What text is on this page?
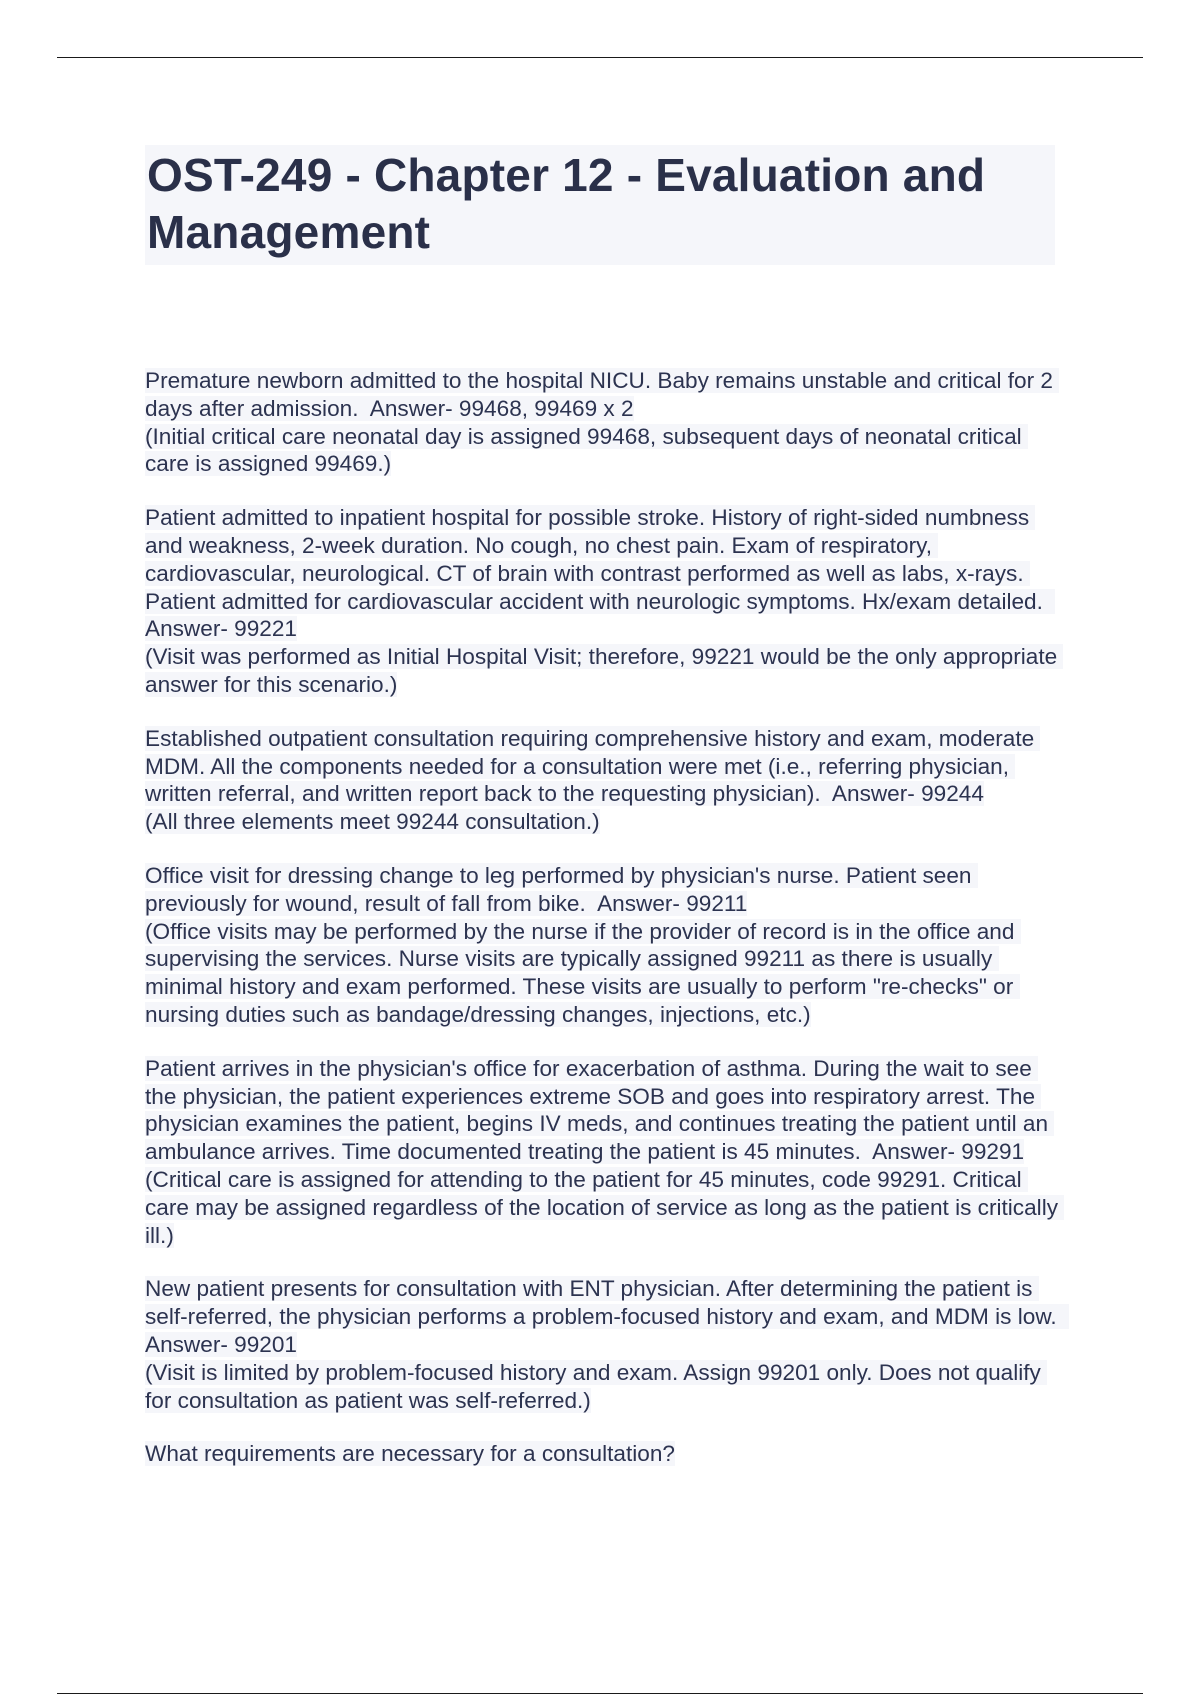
OST-249 - Chapter 12 - Evaluation and Management
Premature newborn admitted to the hospital NICU. Baby remains unstable and critical for 2 days after admission.  Answer- 99468, 99469 x 2
(Initial critical care neonatal day is assigned 99468, subsequent days of neonatal critical care is assigned 99469.)
Patient admitted to inpatient hospital for possible stroke. History of right-sided numbness and weakness, 2-week duration. No cough, no chest pain. Exam of respiratory, cardiovascular, neurological. CT of brain with contrast performed as well as labs, x-rays. Patient admitted for cardiovascular accident with neurologic symptoms. Hx/exam detailed.  Answer- 99221
(Visit was performed as Initial Hospital Visit; therefore, 99221 would be the only appropriate answer for this scenario.)
Established outpatient consultation requiring comprehensive history and exam, moderate MDM. All the components needed for a consultation were met (i.e., referring physician, written referral, and written report back to the requesting physician).  Answer- 99244
(All three elements meet 99244 consultation.)
Office visit for dressing change to leg performed by physician's nurse. Patient seen previously for wound, result of fall from bike.  Answer- 99211
(Office visits may be performed by the nurse if the provider of record is in the office and supervising the services. Nurse visits are typically assigned 99211 as there is usually minimal history and exam performed. These visits are usually to perform "re-checks" or nursing duties such as bandage/dressing changes, injections, etc.)
Patient arrives in the physician's office for exacerbation of asthma. During the wait to see the physician, the patient experiences extreme SOB and goes into respiratory arrest. The physician examines the patient, begins IV meds, and continues treating the patient until an ambulance arrives. Time documented treating the patient is 45 minutes.  Answer- 99291
(Critical care is assigned for attending to the patient for 45 minutes, code 99291. Critical care may be assigned regardless of the location of service as long as the patient is critically ill.)
New patient presents for consultation with ENT physician. After determining the patient is self-referred, the physician performs a problem-focused history and exam, and MDM is low.  Answer- 99201
(Visit is limited by problem-focused history and exam. Assign 99201 only. Does not qualify for consultation as patient was self-referred.)
What requirements are necessary for a consultation?
